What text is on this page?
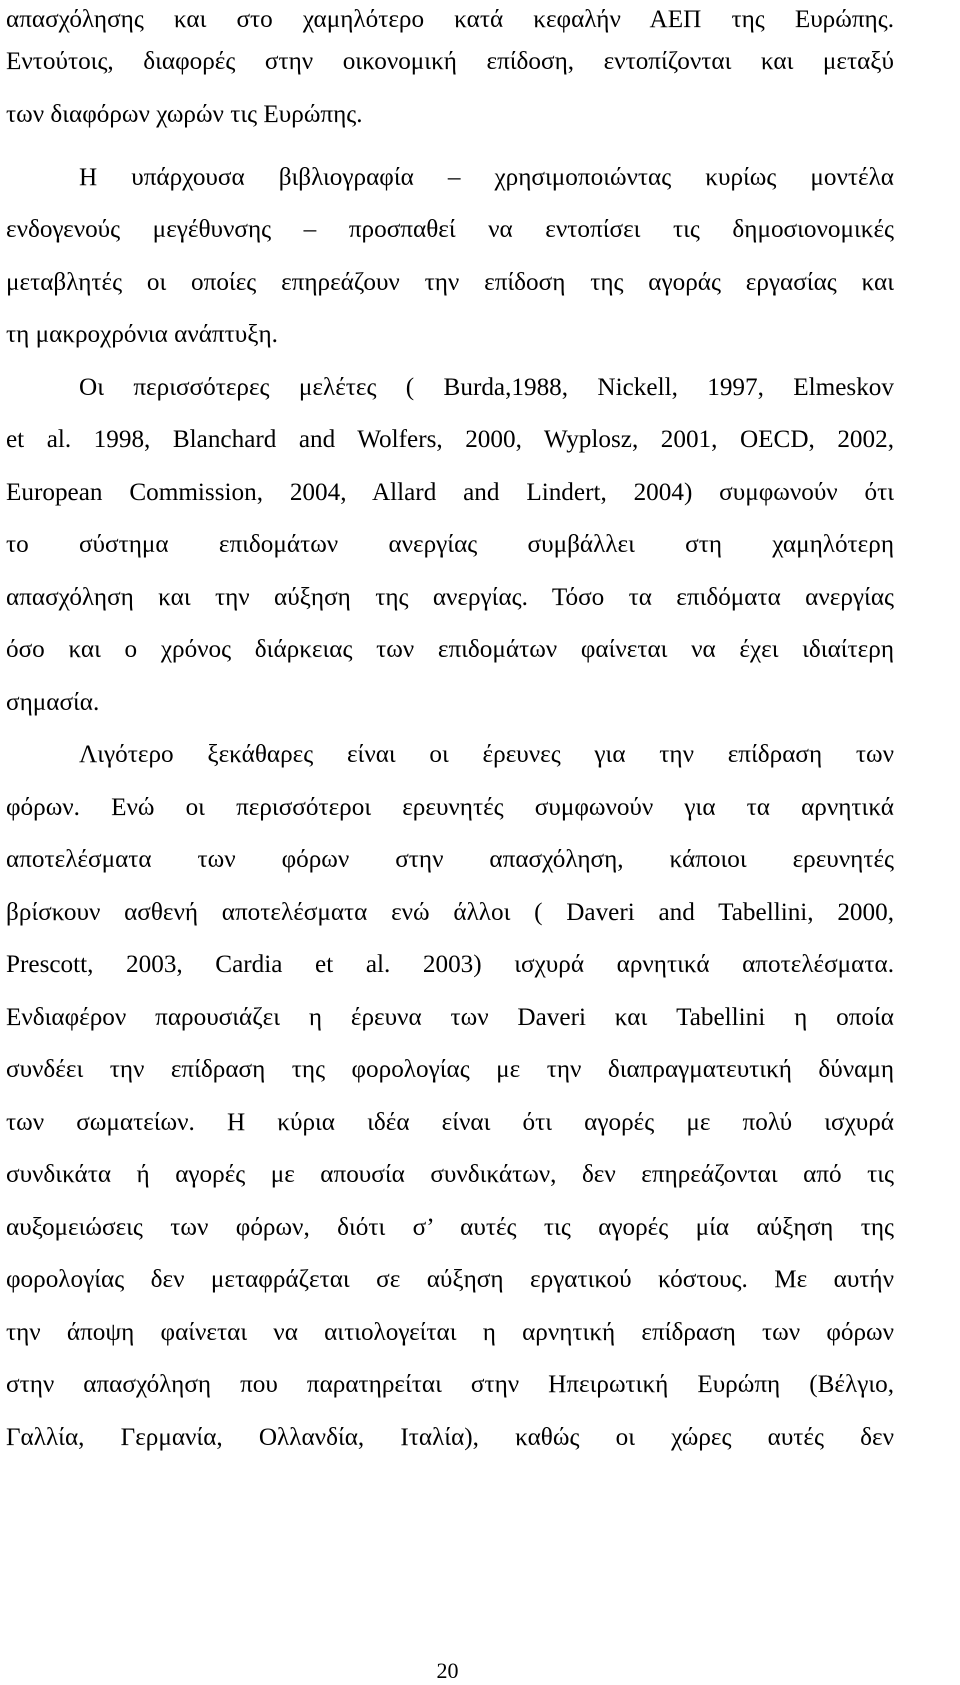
απασχόλησης και στο χαμηλότερο κατά κεφαλήν ΑΕΠ της Ευρώπης.
Εντούτοις, διαφορές στην οικονομική επίδοση, εντοπίζονται και μεταξύ
των διαφόρων χωρών τις Ευρώπης.
Η υπάρχουσα βιβλιογραφία – χρησιμοποιώντας κυρίως μοντέλα
ενδογενούς μεγέθυνσης – προσπαθεί να εντοπίσει τις δημοσιονομικές
μεταβλητές οι οποίες επηρεάζουν την επίδοση της αγοράς εργασίας και
τη μακροχρόνια ανάπτυξη.
Οι περισσότερες μελέτες ( Burda,1988, Nickell, 1997, Elmeskov
et al. 1998, Blanchard and Wolfers, 2000, Wyplosz, 2001, OECD, 2002,
European Commission, 2004, Allard and Lindert, 2004) συμφωνούν ότι
το σύστημα επιδομάτων ανεργίας συμβάλλει στη χαμηλότερη
απασχόληση και την αύξηση της ανεργίας. Τόσο τα επιδόματα ανεργίας
όσο και ο χρόνος διάρκειας των επιδομάτων φαίνεται να έχει ιδιαίτερη
σημασία.
Λιγότερο ξεκάθαρες είναι οι έρευνες για την επίδραση των
φόρων. Ενώ οι περισσότεροι ερευνητές συμφωνούν για τα αρνητικά
αποτελέσματα των φόρων στην απασχόληση, κάποιοι ερευνητές
βρίσκουν ασθενή αποτελέσματα ενώ άλλοι ( Daveri and Tabellini, 2000,
Prescott, 2003, Cardia et al. 2003) ισχυρά αρνητικά αποτελέσματα.
Ενδιαφέρον παρουσιάζει η έρευνα των Daveri και Tabellini η οποία
συνδέει την επίδραση της φορολογίας με την διαπραγματευτική δύναμη
των σωματείων. Η κύρια ιδέα είναι ότι αγορές με πολύ ισχυρά
συνδικάτα ή αγορές με απουσία συνδικάτων, δεν επηρεάζονται από τις
αυξομειώσεις των φόρων, διότι σ’ αυτές τις αγορές μία αύξηση της
φορολογίας δεν μεταφράζεται σε αύξηση εργατικού κόστους. Με αυτήν
την άποψη φαίνεται να αιτιολογείται η αρνητική επίδραση των φόρων
στην απασχόληση που παρατηρείται στην Ηπειρωτική Ευρώπη (Βέλγιο,
Γαλλία, Γερμανία, Ολλανδία, Ιταλία), καθώς οι χώρες αυτές δεν
20
